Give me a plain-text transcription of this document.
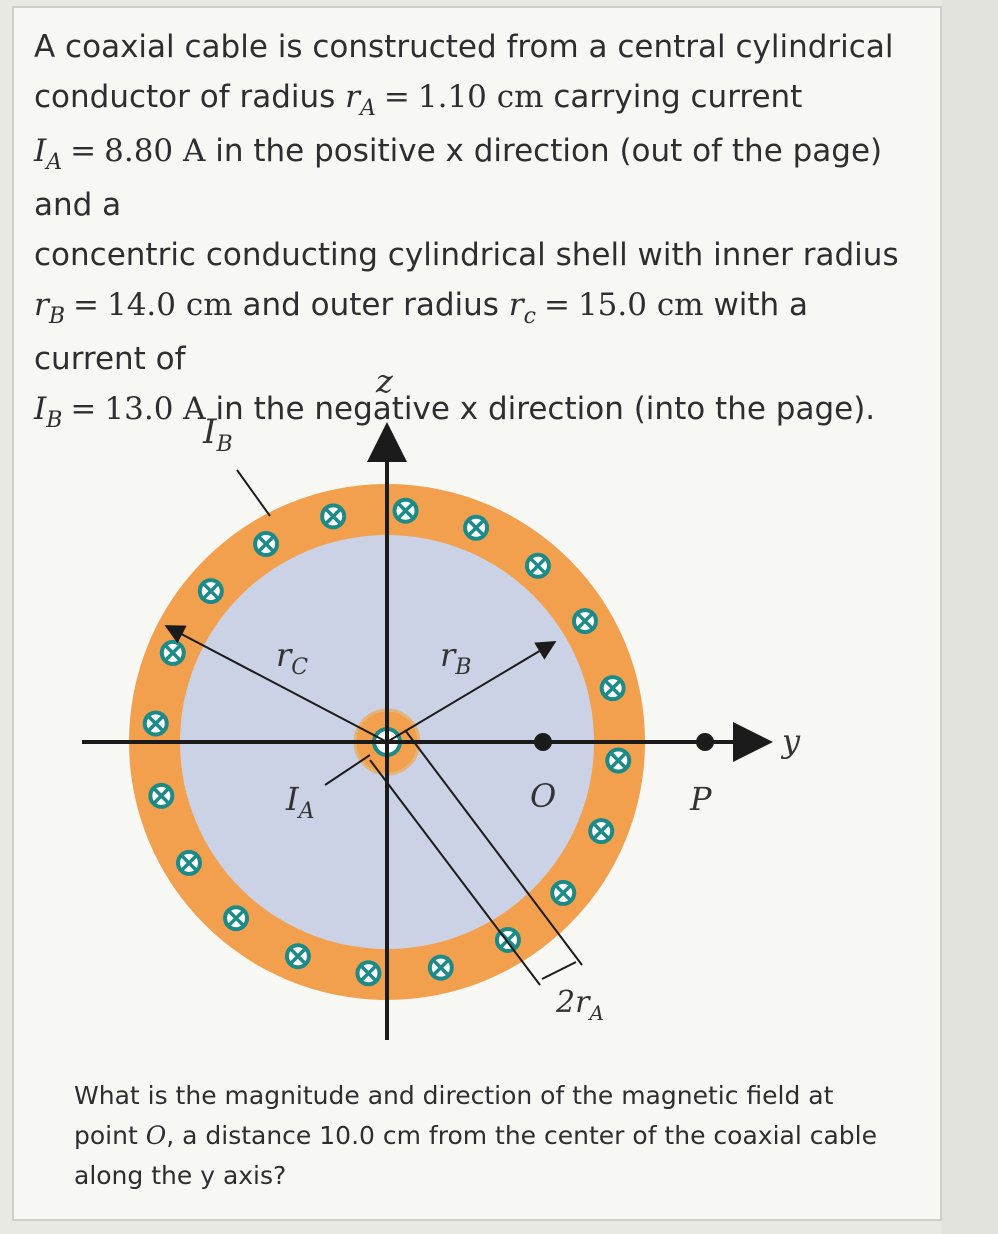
A coaxial cable is constructed from a central cylindrical

conductor of radius $r_A = 1.10$ cm carrying current

$I_A = 8.80$ A in the positive x direction (out of the page) and a

concentric conducting cylindrical shell with inner radius

$r_B = 14.0$ cm and outer radius $r_c = 15.0$ cm with a current of

$I_B = 13.0$ A in the negative x direction (into the page).

z
y
$I_B$
$r_C$	$r_B$
$I_A$	O	P
$2r_A$
What is the magnitude and direction of the magnetic field at point O, a distance 10.0 cm from the center of the coaxial cable along the y axis?
